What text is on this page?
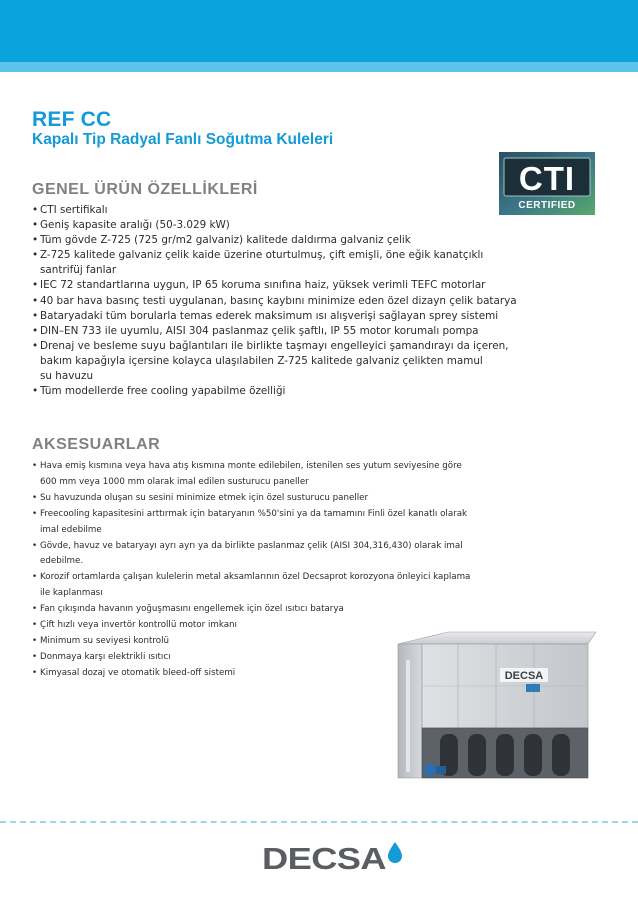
REF CC
Kapalı Tip Radyal Fanlı Soğutma Kuleleri
CTI
CERTIFIED
GENEL ÜRÜN ÖZELLİKLERİ
• CTI sertifikalı
• Geniş kapasite aralığı (50-3.029 kW)
• Tüm gövde Z-725 (725 gr/m2 galvaniz) kalitede daldırma galvaniz çelik
• Z-725 kalitede galvaniz çelik kaide üzerine oturtulmuş, çift emişli, öne eğik kanatçıklı
santrifüj fanlar
• IEC 72 standartlarına uygun, IP 65 koruma sınıfına haiz, yüksek verimli TEFC motorlar
• 40 bar hava basınç testi uygulanan, basınç kaybını minimize eden özel dizayn çelik batarya
• Bataryadaki tüm borularla temas ederek maksimum ısı alışverişi sağlayan sprey sistemi
• DIN–EN 733 ile uyumlu, AISI 304 paslanmaz çelik şaftlı, IP 55 motor korumalı pompa
• Drenaj ve besleme suyu bağlantıları ile birlikte taşmayı engelleyici şamandırayı da içeren,
bakım kapağıyla içersine kolayca ulaşılabilen Z-725 kalitede galvaniz çelikten mamul
su havuzu
• Tüm modellerde free cooling yapabilme özelliği
AKSESUARLAR
• Hava emiş kısmına veya hava atış kısmına monte edilebilen, istenilen ses yutum seviyesine göre
600 mm veya 1000 mm olarak imal edilen susturucu paneller
• Su havuzunda oluşan su sesini minimize etmek için özel susturucu paneller
• Freecooling kapasitesini arttırmak için bataryanın %50'sini ya da tamamını Finli özel kanatlı olarak
imal edebilme
• Gövde, havuz ve bataryayı ayrı ayrı ya da birlikte paslanmaz çelik (AISI 304,316,430) olarak imal
edebilme.
• Korozif ortamlarda çalışan kulelerin metal aksamlarının özel Decsaprot korozyona önleyici kaplama
ile kaplanması
• Fan çıkışında havanın yoğuşmasını engellemek için özel ısıtıcı batarya
• Çift hızlı veya invertör kontrollü motor imkanı
• Minimum su seviyesi kontrolü
• Donmaya karşı elektrikli ısıtıcı
• Kimyasal dozaj ve otomatik bleed-off sistemi	DECSA
DECSA
